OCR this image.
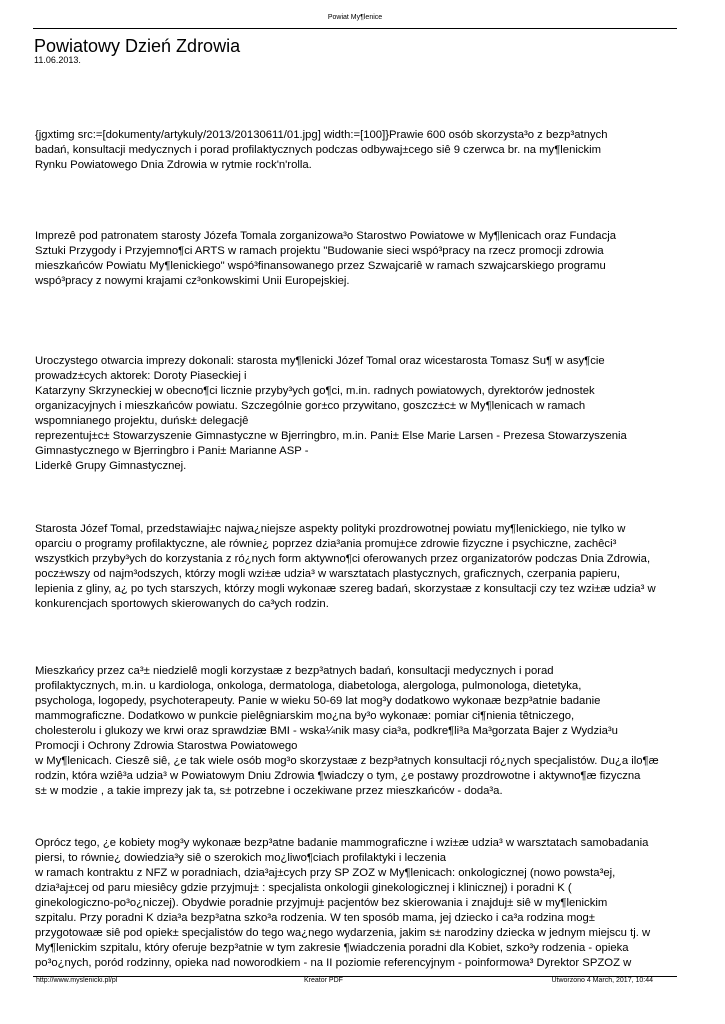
Powiat My¶lenice
Powiatowy Dzień Zdrowia
11.06.2013.

{jgxtimg src:=[dokumenty/artykuly/2013/20130611/01.jpg] width:=[100]}Prawie 600 osób skorzysta³o z bezp³atnych
badań, konsultacji medycznych i porad profilaktycznych podczas odbywaj±cego siê 9 czerwca br. na my¶lenickim
Rynku Powiatowego Dnia Zdrowia w rytmie rock'n'rolla.

Imprezê pod patronatem starosty Józefa Tomala zorganizowa³o Starostwo Powiatowe w My¶lenicach oraz Fundacja
Sztuki Przygody i Przyjemno¶ci ARTS w ramach projektu "Budowanie sieci wspó³pracy na rzecz promocji zdrowia
mieszkańców Powiatu My¶lenickiego" wspó³finansowanego przez Szwajcariê w ramach szwajcarskiego programu
wspó³pracy z nowymi krajami cz³onkowskimi Unii Europejskiej.

Uroczystego otwarcia imprezy dokonali: starosta my¶lenicki Józef Tomal oraz wicestarosta Tomasz Su¶ w asy¶cie
prowadz±cych aktorek: Doroty Piaseckiej i
Katarzyny Skrzyneckiej w obecno¶ci licznie przyby³ych go¶ci, m.in. radnych powiatowych, dyrektorów jednostek
organizacyjnych i mieszkańców powiatu. Szczególnie gor±co przywitano, goszcz±c± w My¶lenicach w ramach
wspomnianego projektu, duńsk± delegacjê
reprezentuj±c± Stowarzyszenie Gimnastyczne w Bjerringbro, m.in. Pani± Else Marie Larsen - Prezesa Stowarzyszenia
Gimnastycznego w Bjerringbro i Pani± Marianne ASP -
Liderkê Grupy Gimnastycznej.

Starosta Józef Tomal, przedstawiaj±c najwa¿niejsze aspekty polityki prozdrowotnej powiatu my¶lenickiego, nie tylko w
oparciu o programy profilaktyczne, ale równie¿ poprzez dzia³ania promuj±ce zdrowie fizyczne i psychiczne, zachêci³
wszystkich przyby³ych do korzystania z ró¿nych form aktywno¶ci oferowanych przez organizatorów podczas Dnia Zdrowia,
pocz±wszy od najm³odszych, którzy mogli wzi±æ udzia³ w warsztatach plastycznych, graficznych, czerpania papieru,
lepienia z gliny, a¿ po tych starszych, którzy mogli wykonaæ szereg badań, skorzystaæ z konsultacji czy tez wzi±æ udzia³ w
konkurencjach sportowych skierowanych do ca³ych rodzin.

Mieszkańcy przez ca³± niedzielê mogli korzystaæ z bezp³atnych badań, konsultacji medycznych i porad
profilaktycznych, m.in. u kardiologa, onkologa, dermatologa, diabetologa, alergologa, pulmonologa, dietetyka,
psychologa, logopedy, psychoterapeuty. Panie w wieku 50-69 lat mog³y dodatkowo wykonaæ bezp³atnie badanie
mammograficzne. Dodatkowo w punkcie pielêgniarskim mo¿na by³o wykonaæ: pomiar ci¶nienia têtniczego,
cholesterolu i glukozy we krwi oraz sprawdziæ BMI - wska¼nik masy cia³a, podkre¶li³a Ma³gorzata Bajer z Wydzia³u
Promocji i Ochrony Zdrowia Starostwa Powiatowego
w My¶lenicach. Cieszê siê, ¿e tak wiele osób mog³o skorzystaæ z bezp³atnych konsultacji ró¿nych specjalistów. Du¿a ilo¶æ
rodzin, która wziê³a udzia³ w Powiatowym Dniu Zdrowia ¶wiadczy o tym, ¿e postawy prozdrowotne i aktywno¶æ fizyczna
s± w modzie , a takie imprezy jak ta, s± potrzebne i oczekiwane przez mieszkańców - doda³a.

Oprócz tego, ¿e kobiety mog³y wykonaæ bezp³atne badanie mammograficzne i wzi±æ udzia³ w warsztatach samobadania
piersi, to równie¿ dowiedzia³y siê o szerokich mo¿liwo¶ciach profilaktyki i leczenia
w ramach kontraktu z NFZ w poradniach, dzia³aj±cych przy SP ZOZ w My¶lenicach: onkologicznej (nowo powsta³ej,
dzia³aj±cej od paru miesiêcy gdzie przyjmuj± : specjalista onkologii ginekologicznej i klinicznej) i poradni K (
ginekologiczno-po³o¿niczej). Obydwie poradnie przyjmuj± pacjentów bez skierowania i znajduj± siê w my¶lenickim
szpitalu. Przy poradni K dzia³a bezp³atna szko³a rodzenia. W ten sposób mama, jej dziecko i ca³a rodzina mog±
przygotowaæ siê pod opiek± specjalistów do tego wa¿nego wydarzenia, jakim s± narodziny dziecka w jednym miejscu tj. w
My¶lenickim szpitalu, który oferuje bezp³atnie w tym zakresie ¶wiadczenia poradni dla Kobiet, szko³y rodzenia - opieka
po³o¿nych, poród rodzinny, opieka nad noworodkiem - na II poziomie referencyjnym - poinformowa³ Dyrektor SPZOZ w

http://www.myslenicki.pl/pl	Kreator PDF	Utworzono 4 March, 2017, 10:44
